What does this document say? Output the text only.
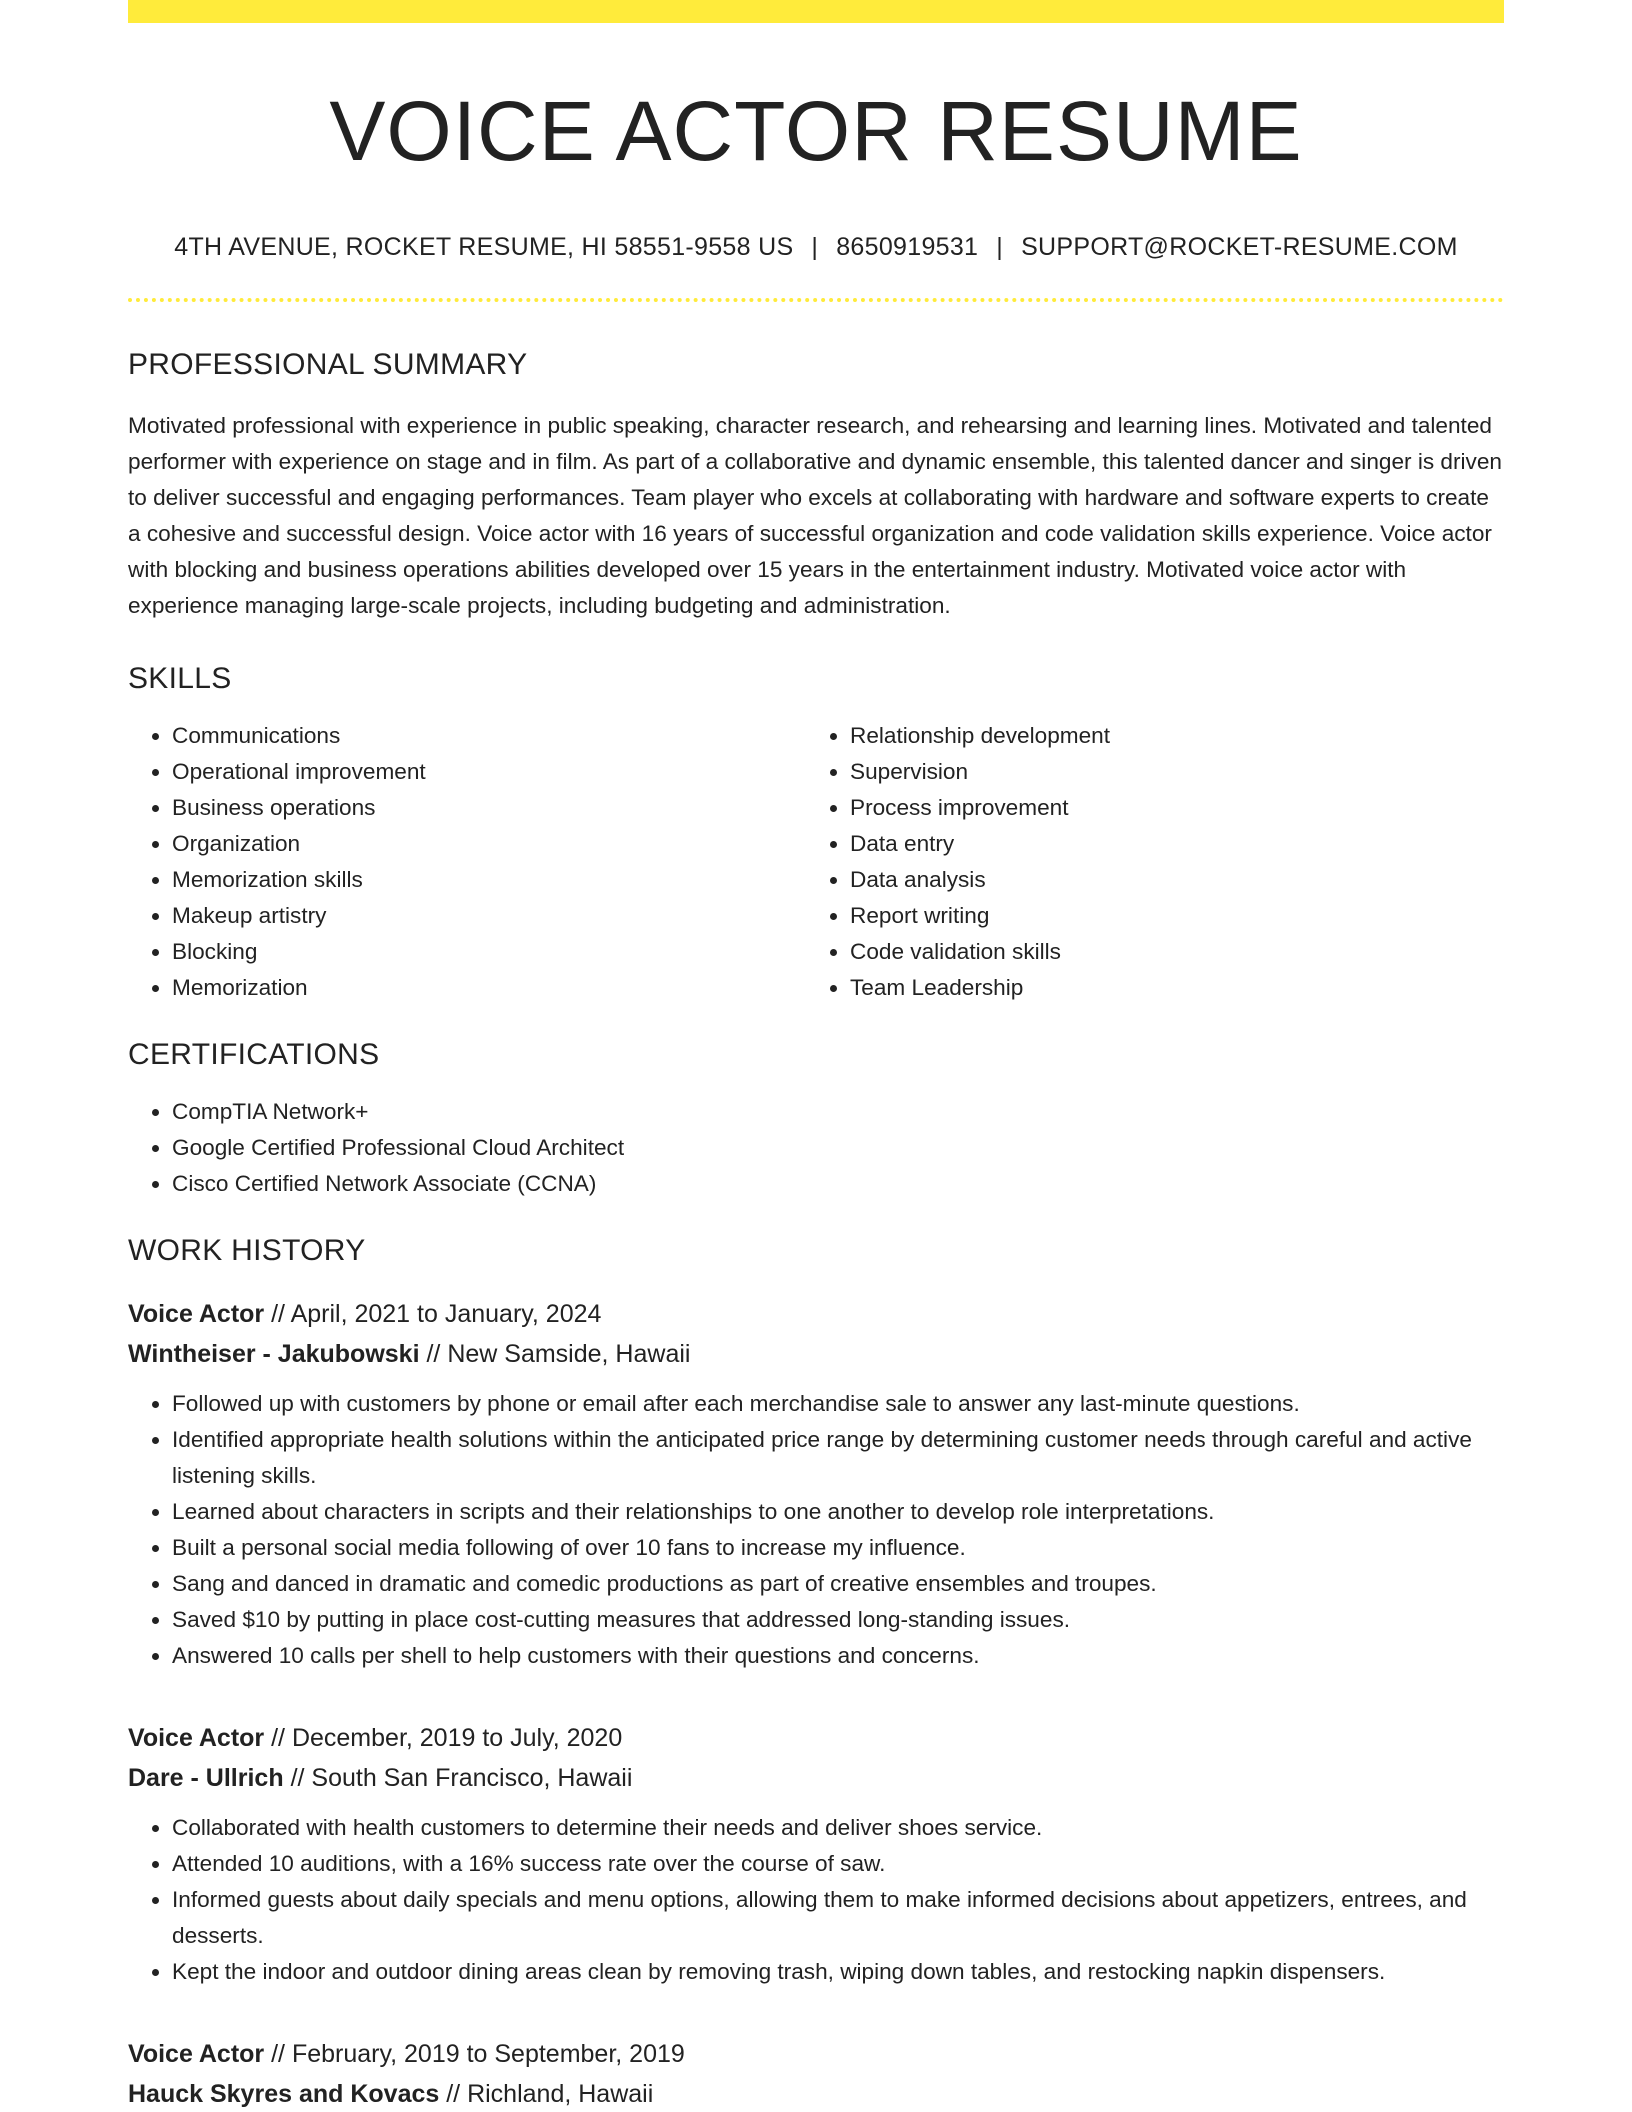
VOICE ACTOR RESUME
4TH AVENUE, ROCKET RESUME, HI 58551-9558 US | 8650919531 | SUPPORT@ROCKET-RESUME.COM
PROFESSIONAL SUMMARY

Motivated professional with experience in public speaking, character research, and rehearsing and learning lines. Motivated and talented performer with experience on stage and in film. As part of a collaborative and dynamic ensemble, this talented dancer and singer is driven to deliver successful and engaging performances. Team player who excels at collaborating with hardware and software experts to create a cohesive and successful design. Voice actor with 16 years of successful organization and code validation skills experience. Voice actor with blocking and business operations abilities developed over 15 years in the entertainment industry. Motivated voice actor with experience managing large-scale projects, including budgeting and administration.

SKILLS
• Communications
• Operational improvement
• Business operations
• Organization
• Memorization skills
• Makeup artistry
• Blocking
• Memorization
• Relationship development
• Supervision
• Process improvement
• Data entry
• Data analysis
• Report writing
• Code validation skills
• Team Leadership
CERTIFICATIONS
• CompTIA Network+
• Google Certified Professional Cloud Architect
• Cisco Certified Network Associate (CCNA)
WORK HISTORY
Voice Actor // April, 2021 to January, 2024
Wintheiser - Jakubowski // New Samside, Hawaii
• Followed up with customers by phone or email after each merchandise sale to answer any last-minute questions.
• Identified appropriate health solutions within the anticipated price range by determining customer needs through careful and active listening skills.
• Learned about characters in scripts and their relationships to one another to develop role interpretations.
• Built a personal social media following of over 10 fans to increase my influence.
• Sang and danced in dramatic and comedic productions as part of creative ensembles and troupes.
• Saved $10 by putting in place cost-cutting measures that addressed long-standing issues.
• Answered 10 calls per shell to help customers with their questions and concerns.
Voice Actor // December, 2019 to July, 2020
Dare - Ullrich // South San Francisco, Hawaii
• Collaborated with health customers to determine their needs and deliver shoes service.
• Attended 10 auditions, with a 16% success rate over the course of saw.
• Informed guests about daily specials and menu options, allowing them to make informed decisions about appetizers, entrees, and desserts.
• Kept the indoor and outdoor dining areas clean by removing trash, wiping down tables, and restocking napkin dispensers.
Voice Actor // February, 2019 to September, 2019
Hauck Skyres and Kovacs // Richland, Hawaii
